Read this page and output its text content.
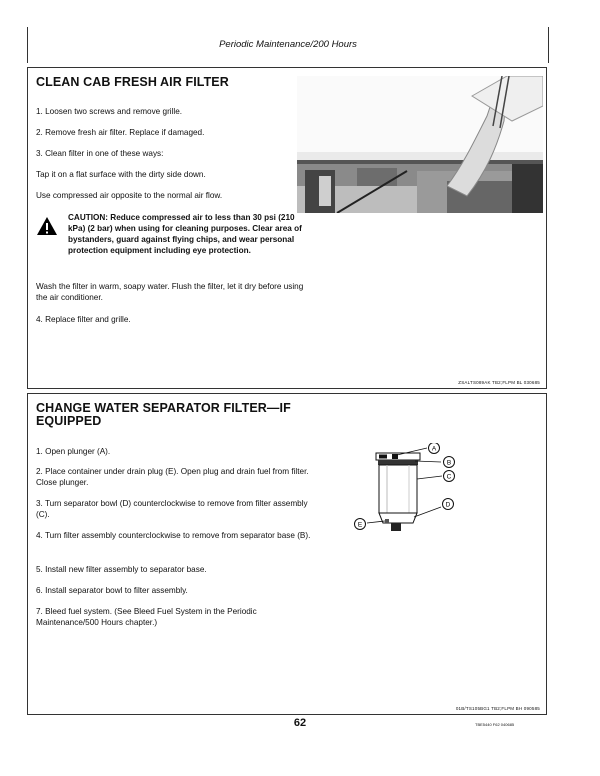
Periodic Maintenance/200 Hours
CLEAN CAB FRESH AIR FILTER
1. Loosen two screws and remove grille.
2. Remove fresh air filter. Replace if damaged.
3. Clean filter in one of these ways:
Tap it on a flat surface with the dirty side down.
Use compressed air opposite to the normal air flow.
CAUTION: Reduce compressed air to less than 30 psi (210 kPa) (2 bar) when using for cleaning purposes. Clear area of bystanders, guard against flying chips, and wear personal protection equipment including eye protection.
Wash the filter in warm, soapy water. Flush the filter, let it dry before using the air conditioner.
4. Replace filter and grille.
ZSALTS089AK TB2;FLPM BL 030685
CHANGE WATER SEPARATOR FILTER—IF EQUIPPED
1. Open plunger (A).
2. Place container under drain plug (E). Open plug and drain fuel from filter. Close plunger.
3. Turn separator bowl (D) counterclockwise to remove from filter assembly (C).
4. Turn filter assembly counterclockwise to remove from separator base (B).
5. Install new filter assembly to separator base.
6. Install separator bowl to filter assembly.
7. Bleed fuel system. (See Bleed Fuel System in the Periodic Maintenance/500 Hours chapter.)
01B/TS105BG1 TB2;FLPM BH 090585
A
B
C
D
E
62	TBE5440 F62 040685
